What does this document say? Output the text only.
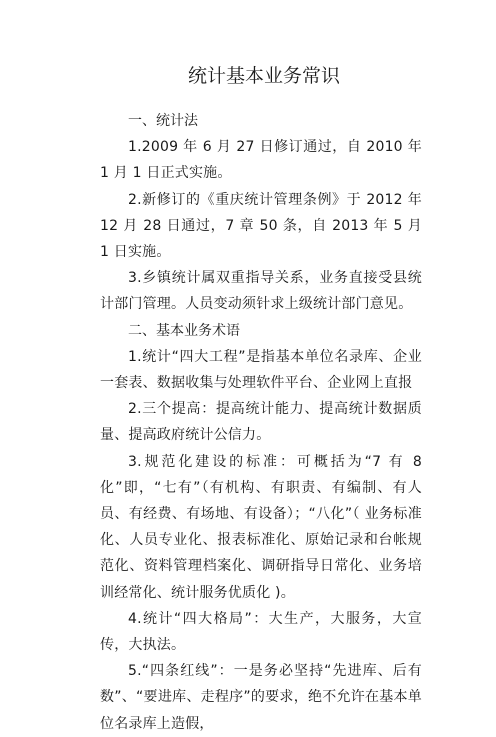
统计基本业务常识

一、统计法

1.2009 年 6 月 27 日修订通过，自 2010 年 1 月 1 日正式实施。

2.新修订的《重庆统计管理条例》于 2012 年 12 月 28 日通过，7 章 50 条，自 2013 年 5 月 1 日实施。

3.乡镇统计属双重指导关系，业务直接受县统计部门管理。人员变动须针求上级统计部门意见。

二、基本业务术语

1.统计“四大工程”是指基本单位名录库、企业一套表、数据收集与处理软件平台、企业网上直报

2.三个提高：提高统计能力、提高统计数据质量、提高政府统计公信力。

3.规范化建设的标准：可概括为“7 有 8 化”即，“七有”（有机构、有职责、有编制、有人员、有经费、有场地、有设备）；“八化”（ 业务标准化、人员专业化、报表标准化、原始记录和台帐规范化、资料管理档案化、调研指导日常化、业务培训经常化、统计服务优质化 )。

4.统计“四大格局”：大生产，大服务，大宣传，大执法。

5.“四条红线”：一是务必坚持“先进库、后有数”、“要进库、走程序”的要求，绝不允许在基本单位名录库上造假，
